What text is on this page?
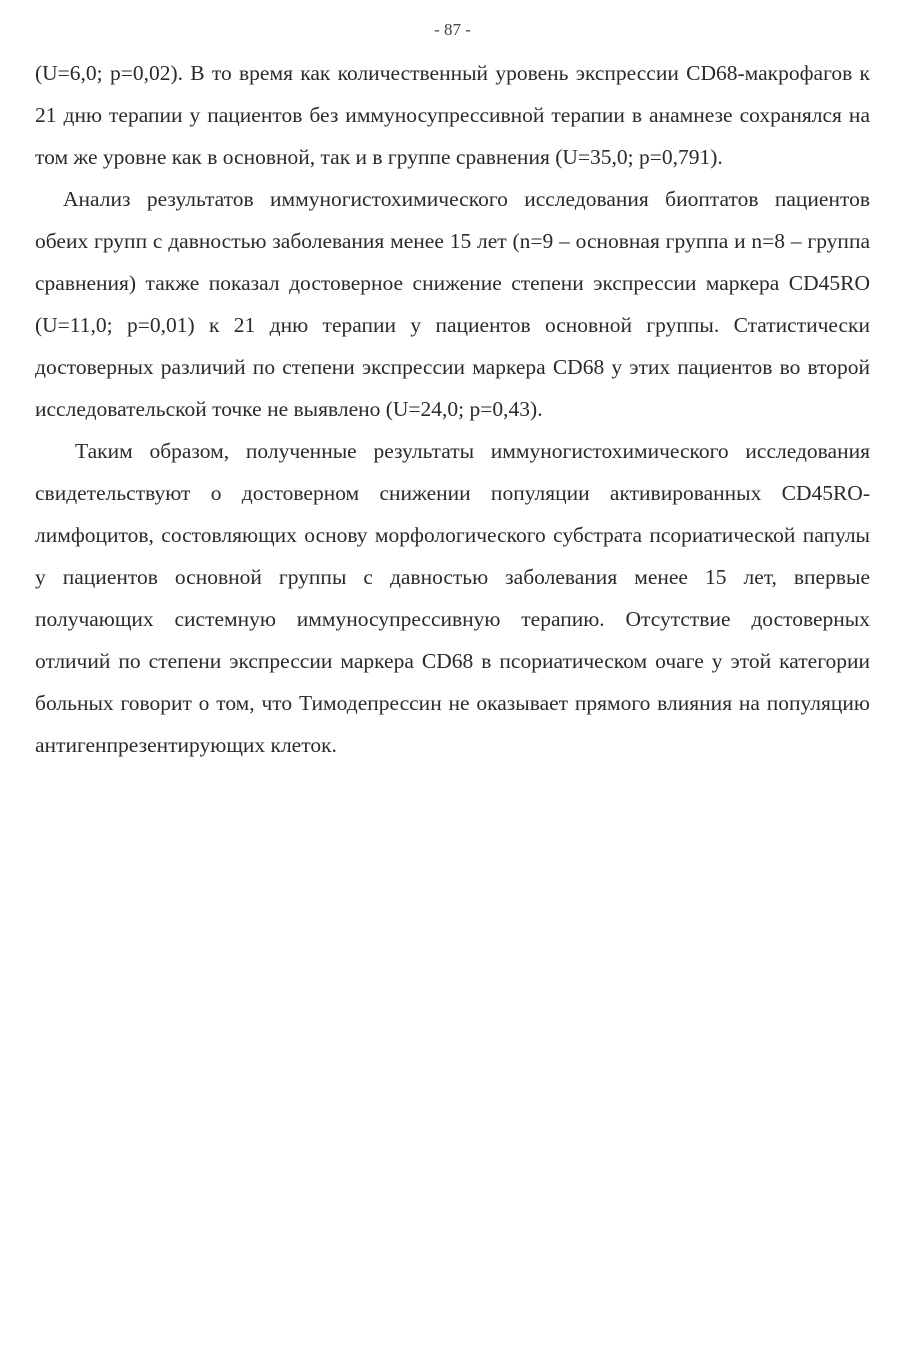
- 87 -

(U=6,0; p=0,02). В то время как количественный уровень экспрессии CD68-макрофагов к 21 дню терапии у пациентов без иммуносупрессивной терапии в анамнезе сохранялся на том же уровне как в основной, так и в группе сравнения (U=35,0; p=0,791).

Анализ результатов иммуногистохимического исследования биоптатов пациентов обеих групп с давностью заболевания менее 15 лет (n=9 – основная группа и n=8 – группа сравнения) также показал достоверное снижение степени экспрессии маркера CD45RO (U=11,0; p=0,01) к 21 дню терапии у пациентов основной группы. Статистически достоверных различий по степени экспрессии маркера CD68 у этих пациентов во второй исследовательской точке не выявлено (U=24,0; p=0,43).

Таким образом, полученные результаты иммуногистохимического исследования свидетельствуют о достоверном снижении популяции активированных CD45RO-лимфоцитов, состовляющих основу морфологического субстрата псориатической папулы у пациентов основной группы с давностью заболевания менее 15 лет, впервые получающих системную иммуносупрессивную терапию. Отсутствие достоверных отличий по степени экспрессии маркера CD68 в псориатическом очаге у этой категории больных говорит о том, что Тимодепрессин не оказывает прямого влияния на популяцию антигенпрезентирующих клеток.
